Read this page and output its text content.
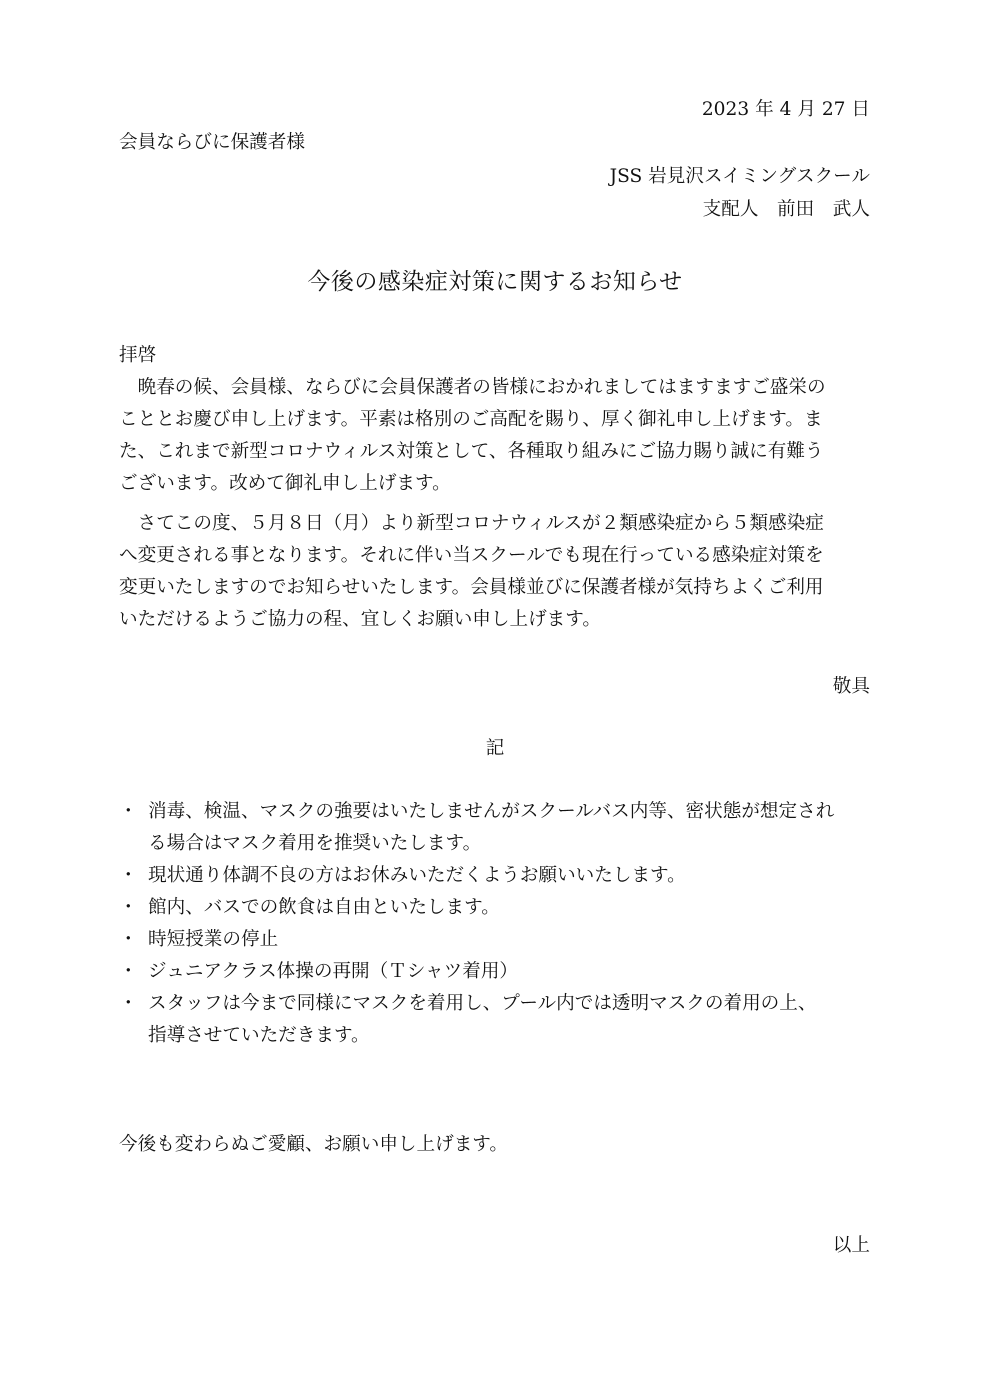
2023 年 4 月 27 日
会員ならびに保護者様
JSS 岩見沢スイミングスクール
支配人　前田　武人
今後の感染症対策に関するお知らせ
拝啓
　晩春の候、会員様、ならびに会員保護者の皆様におかれましてはますますご盛栄の
こととお慶び申し上げます。平素は格別のご高配を賜り、厚く御礼申し上げます。ま
た、これまで新型コロナウィルス対策として、各種取り組みにご協力賜り誠に有難う
ございます。改めて御礼申し上げます。
　さてこの度、５月８日（月）より新型コロナウィルスが２類感染症から５類感染症
へ変更される事となります。それに伴い当スクールでも現在行っている感染症対策を
変更いたしますのでお知らせいたします。会員様並びに保護者様が気持ちよくご利用
いただけるようご協力の程、宜しくお願い申し上げます。
敬具
記
・ 消毒、検温、マスクの強要はいたしませんがスクールバス内等、密状態が想定され
る場合はマスク着用を推奨いたします。
・ 現状通り体調不良の方はお休みいただくようお願いいたします。
・ 館内、バスでの飲食は自由といたします。
・ 時短授業の停止
・ ジュニアクラス体操の再開（Ｔシャツ着用）
・ スタッフは今まで同様にマスクを着用し、プール内では透明マスクの着用の上、
指導させていただきます。
今後も変わらぬご愛顧、お願い申し上げます。
以上
